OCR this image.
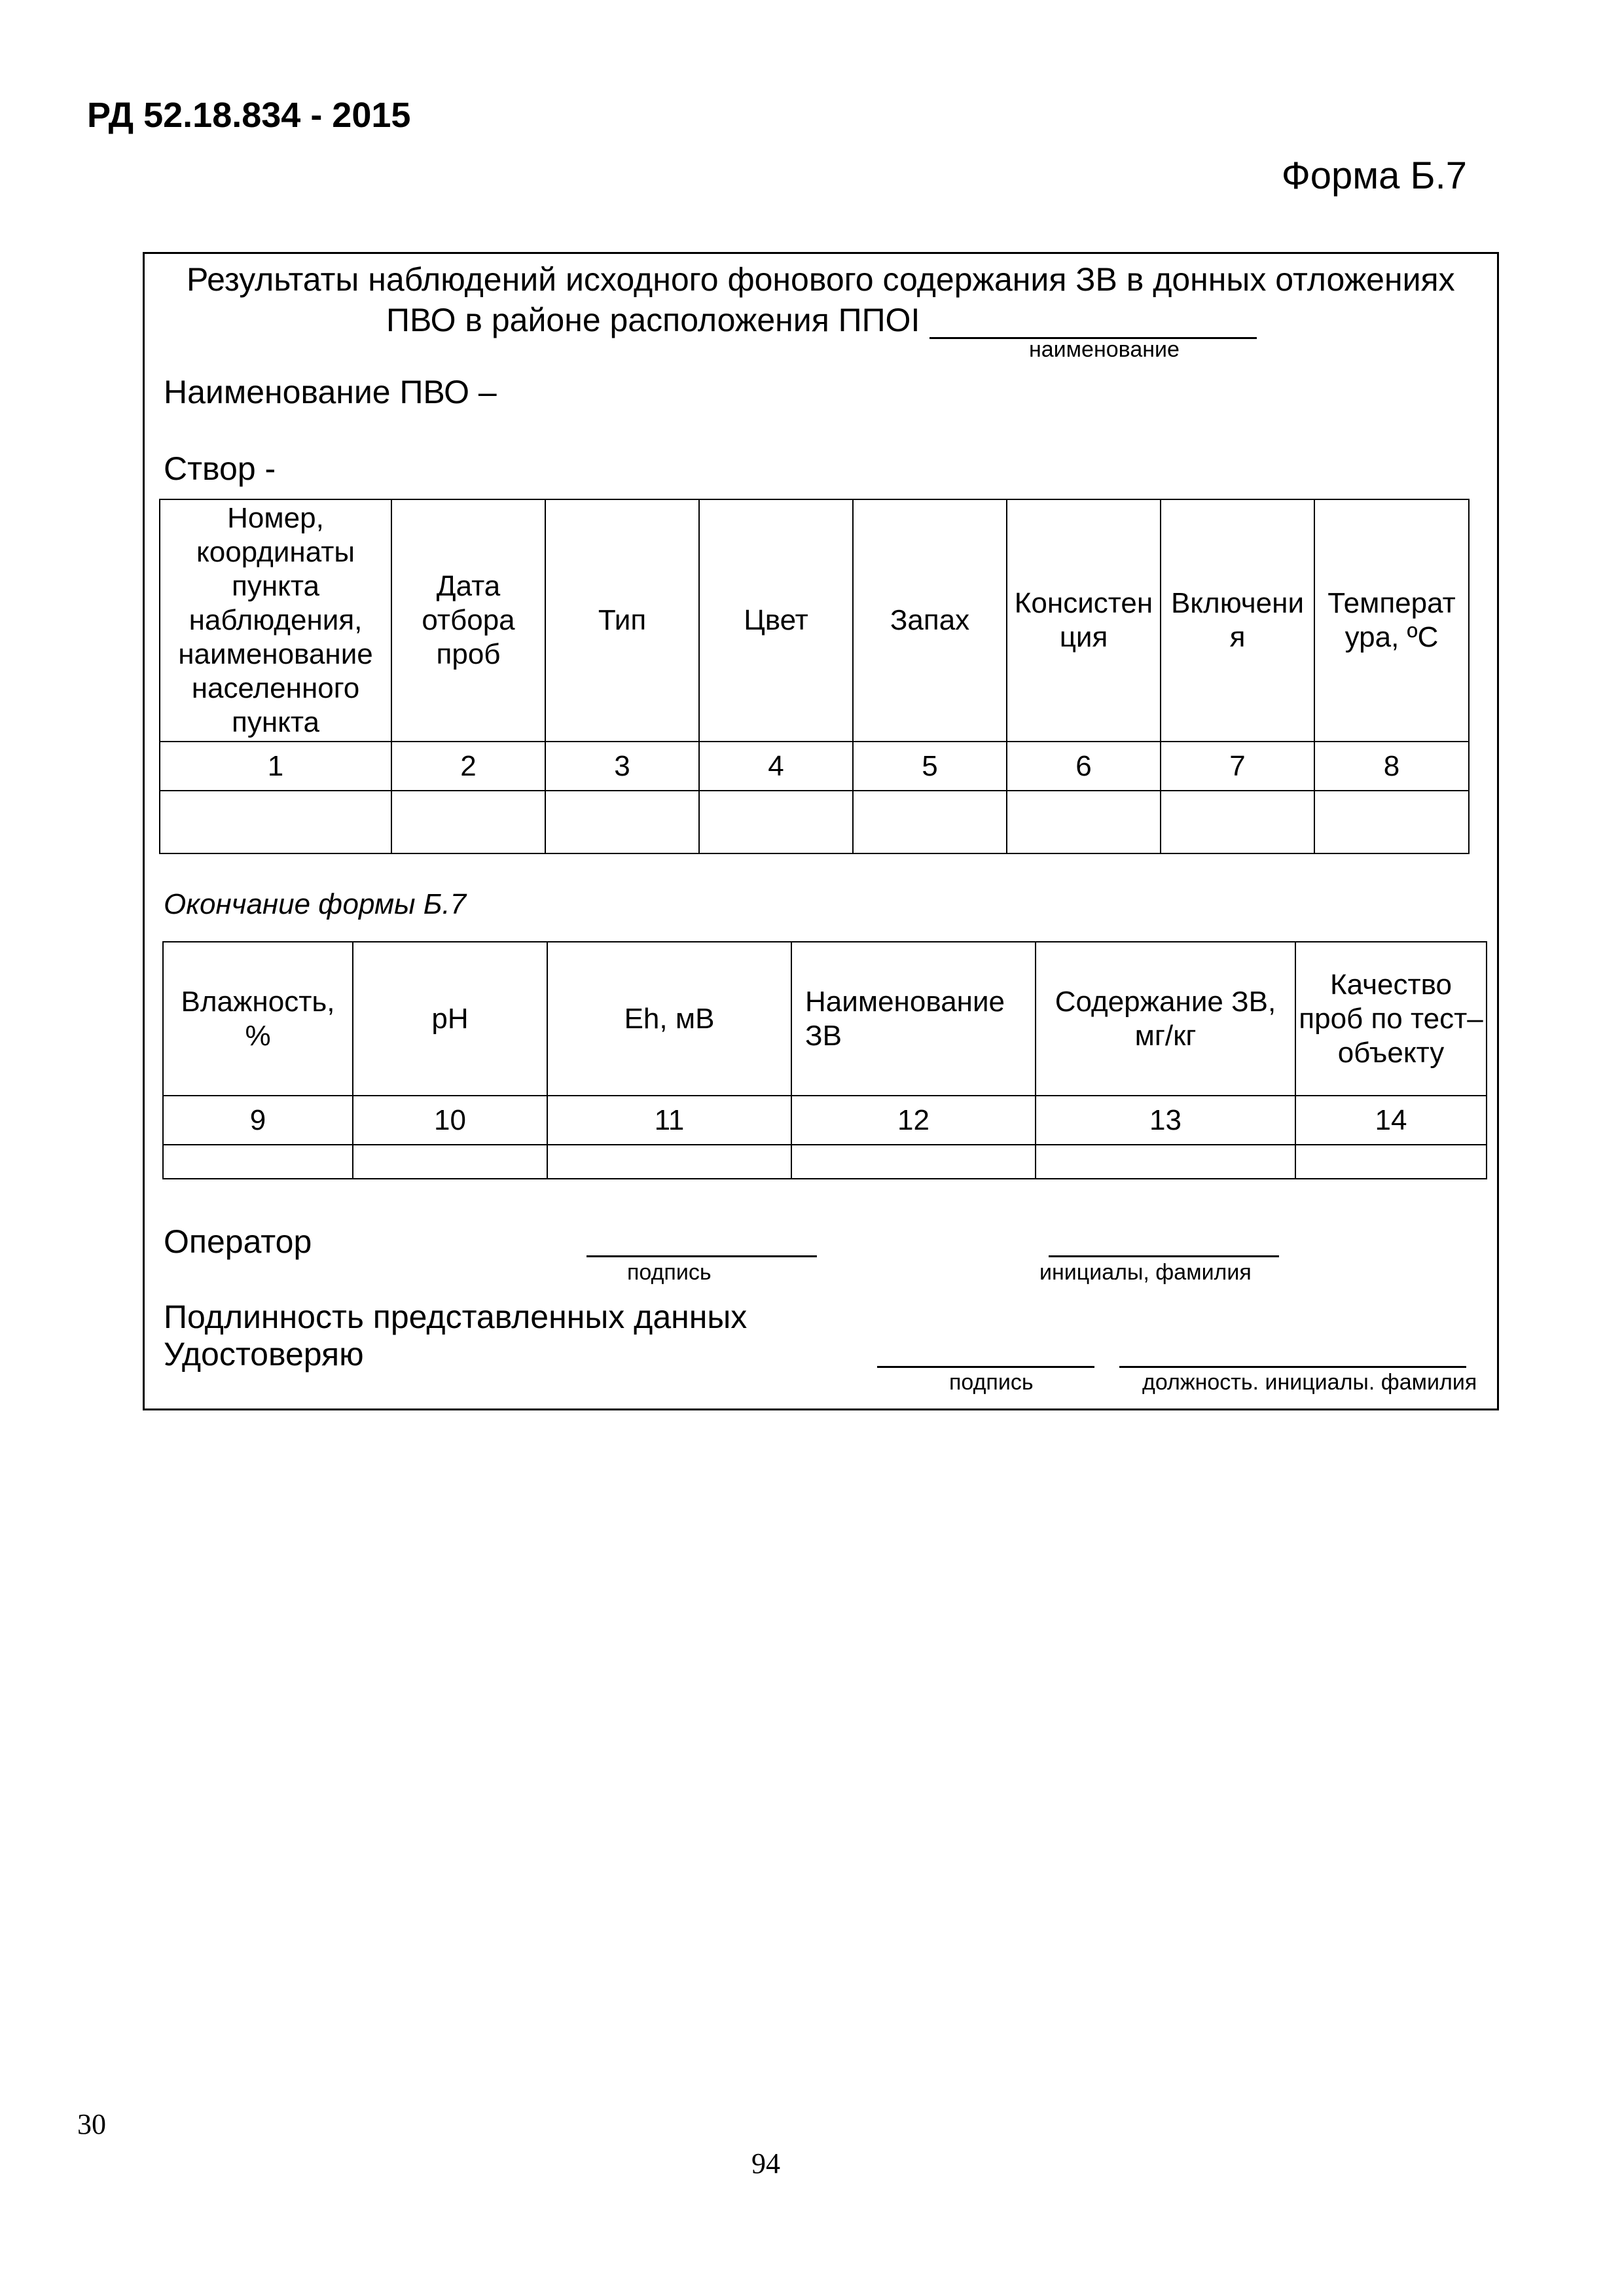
РД 52.18.834 - 2015
Форма Б.7
Результаты наблюдений исходного фонового содержания ЗВ в донных отложениях
ПВО в районе расположения ППОI
наименование
Наименование ПВО –
Створ -
Номер, координаты пункта наблюдения, наименование населенного пункта	Дата отбора проб	Тип	Цвет	Запах	Консистен ция	Включени я	Температ ура, ºС
1	2	3	4	5	6	7	8

Окончание формы Б.7
Влажность, %	pH	Eh, мВ	Наименование ЗВ	Содержание ЗВ, мг/кг	Качество проб по тест– объекту
9	10	11	12	13	14

Оператор
подпись	инициалы, фамилия
Подлинность представленных данных
Удостоверяю
подпись	должность. инициалы. фамилия
30
94
